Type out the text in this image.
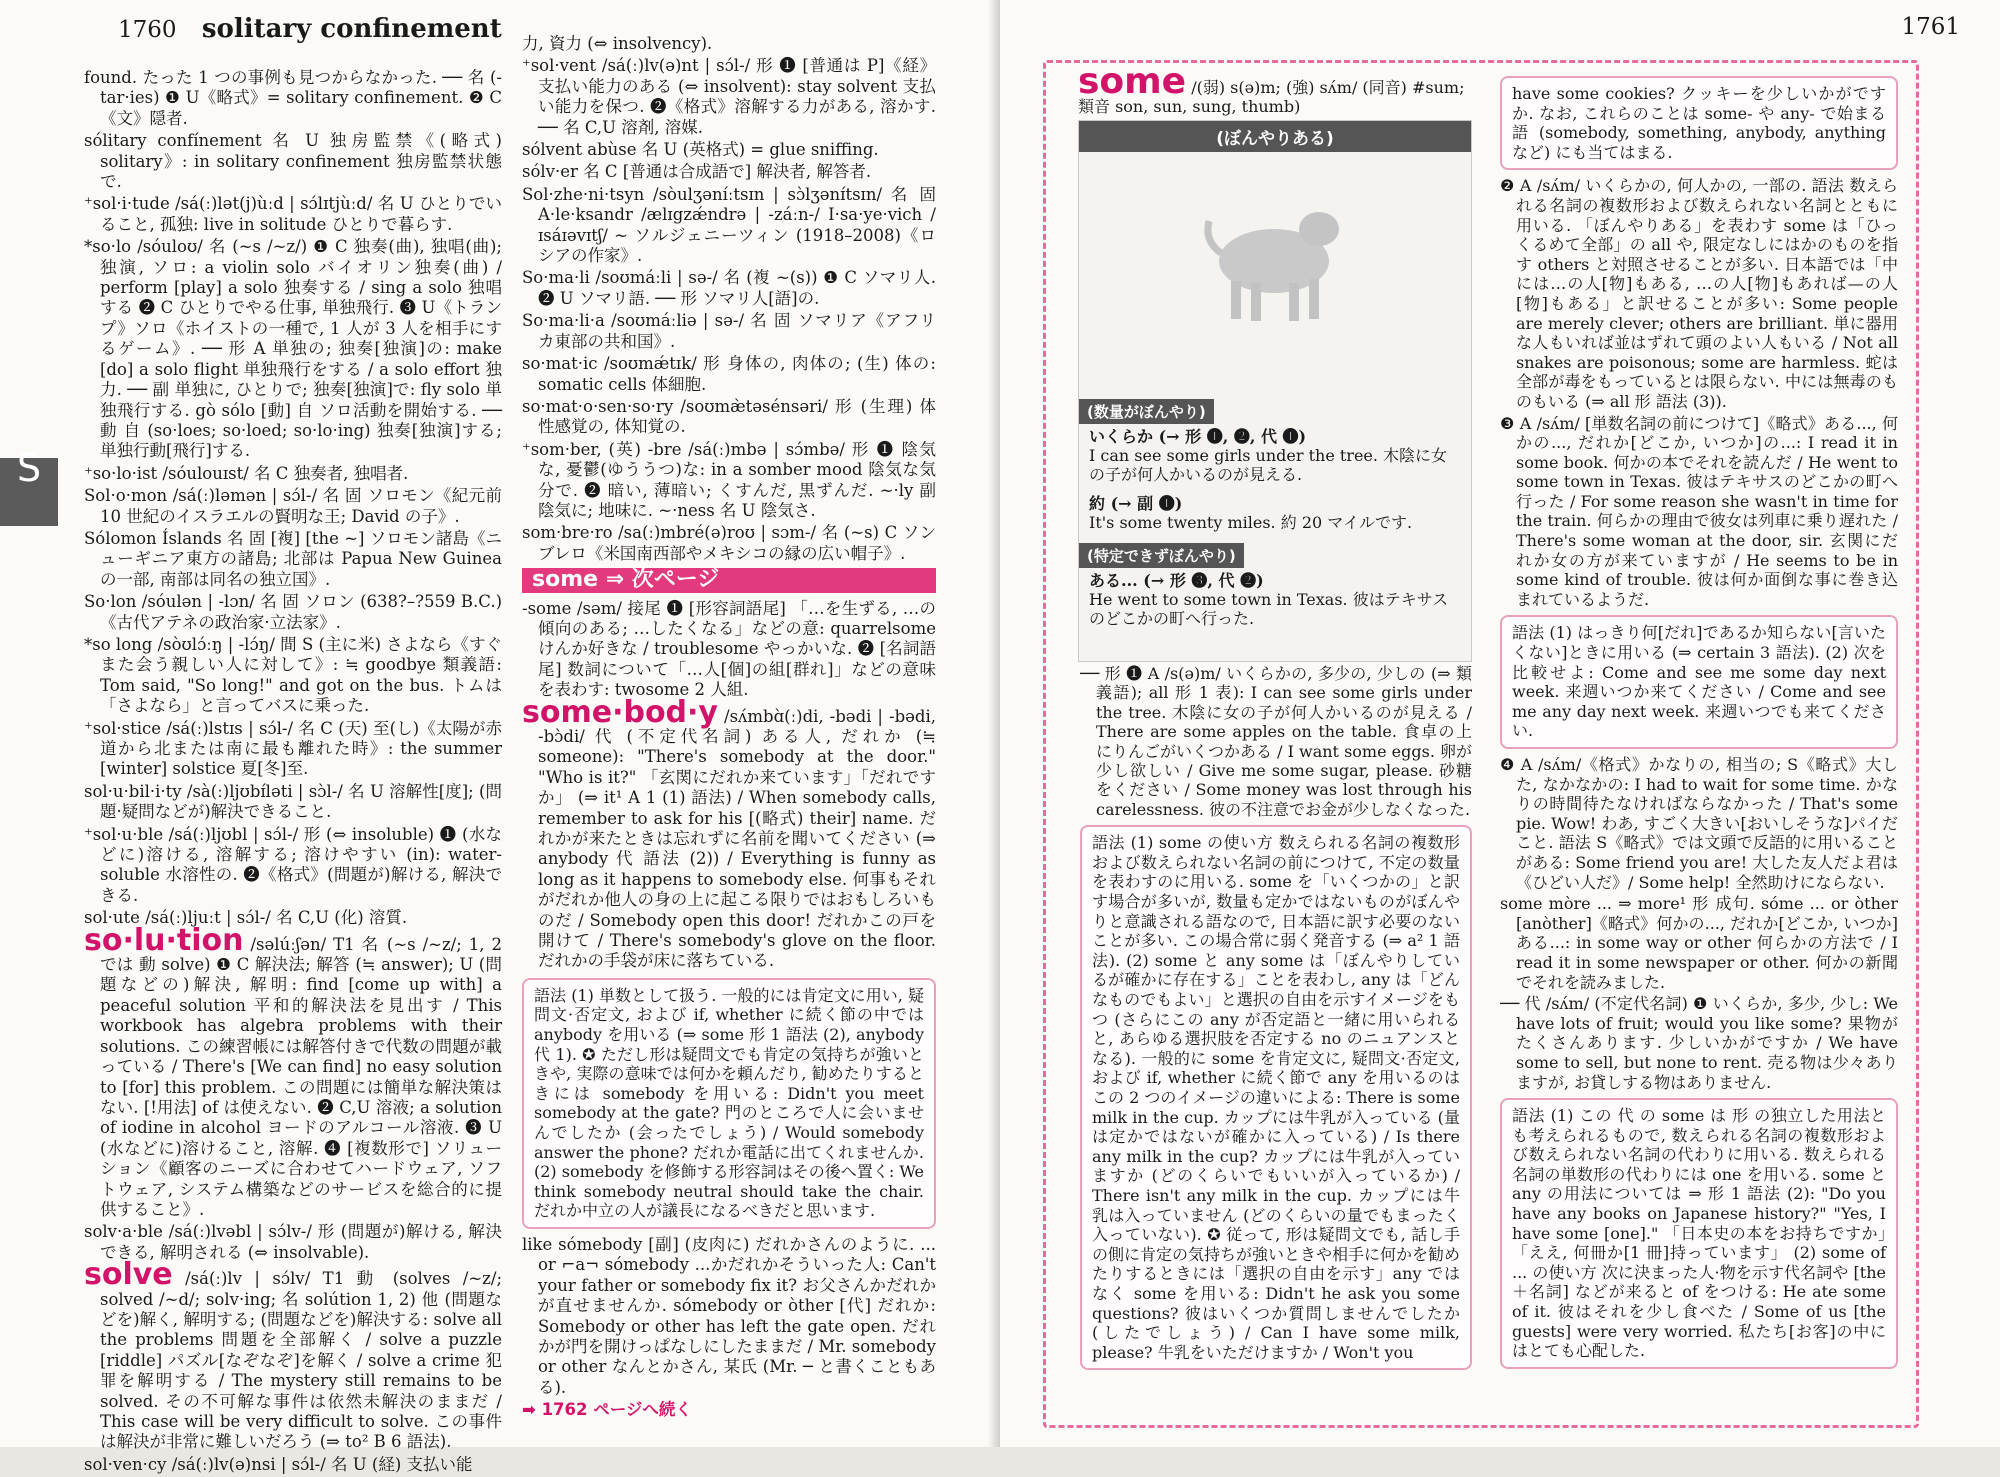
1760 solitary confinement
S
found. たった 1 つの事例も見つからなかった. ── 名 (-tar·ies) ❶ U《略式》= solitary confinement. ❷ C《文》隠者.
sólitary confínement 名 U 独房監禁《(略式) solitary》: in solitary confinement 独房監禁状態で.
⁺sol·i·tude /sá(ː)lət(j)ùːd | sɔ́lɪtjùːd/ 名 U ひとりでいること, 孤独: live in solitude ひとりで暮らす.
*so·lo /sóuloʊ/ 名 (~s /~z/) ❶ C 独奏(曲), 独唱(曲); 独演, ソロ: a violin solo バイオリン独奏(曲) / perform [play] a solo 独奏する / sing a solo 独唱する ❷ C ひとりでやる仕事, 単独飛行. ❸ U《トランプ》ソロ《ホイストの一種で, 1 人が 3 人を相手にするゲーム》. ── 形 A 単独の; 独奏[独演]の: make [do] a solo flight 単独飛行をする / a solo effort 独力. ── 副 単独に, ひとりで; 独奏[独演]で: fly solo 単独飛行する. gò sólo [動] 自 ソロ活動を開始する. ── 動 自 (so·loes; so·loed; so·lo·ing) 独奏[独演]する; 単独行動[飛行]する.
⁺so·lo·ist /sóulouɪst/ 名 C 独奏者, 独唱者.
Sol·o·mon /sá(ː)ləmən | sɔ́l-/ 名 固 ソロモン《紀元前 10 世紀のイスラエルの賢明な王; David の子》.
Sólomon Íslands 名 固 [複] [the ~] ソロモン諸島《ニューギニア東方の諸島; 北部は Papua New Guinea の一部, 南部は同名の独立国》.
So·lon /sóulən | -lɔn/ 名 固 ソロン (638?–?559 B.C.)《古代アテネの政治家·立法家》.
*so long /sòʊlɔ́ːŋ | -lɔ́ŋ/ 間 S (主に米) さよなら《すぐまた会う親しい人に対して》: ≒ goodbye 類義語: Tom said, "So long!" and got on the bus. トムは「さよなら」と言ってバスに乗った.
⁺sol·stice /sá(ː)lstɪs | sɔ́l-/ 名 C (天) 至(し)《太陽が赤道から北または南に最も離れた時》: the summer [winter] solstice 夏[冬]至.
sol·u·bil·i·ty /sà(ː)ljʊbɪ́ləti | sɔ̀l-/ 名 U 溶解性[度]; (問題·疑問などが)解決できること.
⁺sol·u·ble /sá(ː)ljʊbl | sɔ́l-/ 形 (⇔ insoluble) ❶ (水などに)溶ける, 溶解する; 溶けやすい (in): water-soluble 水溶性の. ❷《格式》(問題が)解ける, 解決できる.
sol·ute /sá(ː)ljuːt | sɔ́l-/ 名 C,U (化) 溶質.
so·lu·tion /səlúːʃən/ T1 名 (~s /~z/; 1, 2 では 動 solve) ❶ C 解決法; 解答 (≒ answer); U (問題などの)解決, 解明: find [come up with] a peaceful solution 平和的解決法を見出す / This workbook has algebra problems with their solutions. この練習帳には解答付きで代数の問題が載っている / There's [We can find] no easy solution to [for] this problem. この問題には簡単な解決策はない. [!用法] of は使えない. ❷ C,U 溶液; a solution of iodine in alcohol ヨードのアルコール溶液. ❸ U (水などに)溶けること, 溶解. ❹ [複数形で] ソリューション《顧客のニーズに合わせてハードウェア, ソフトウェア, システム構築などのサービスを総合的に提供すること》.
solv·a·ble /sá(ː)lvəbl | sɔ́lv-/ 形 (問題が)解ける, 解決できる, 解明される (⇔ insolvable).
solve /sá(ː)lv | sɔ́lv/ T1 動 (solves /~z/; solved /~d/; solv·ing; 名 solútion 1, 2) 他 (問題などを)解く, 解明する; (問題などを)解決する: solve all the problems 問題を全部解く / solve a puzzle [riddle] パズル[なぞなぞ]を解く / solve a crime 犯罪を解明する / The mystery still remains to be solved. その不可解な事件は依然未解決のままだ / This case will be very difficult to solve. この事件は解決が非常に難しいだろう (⇒ to² B 6 語法).
sol·ven·cy /sá(ː)lv(ə)nsi | sɔ́l-/ 名 U (経) 支払い能
力, 資力 (⇔ insolvency).
⁺sol·vent /sá(ː)lv(ə)nt | sɔ́l-/ 形 ❶ [普通は P]《経》支払い能力のある (⇔ insolvent): stay solvent 支払い能力を保つ. ❷《格式》溶解する力がある, 溶かす. ── 名 C,U 溶剤, 溶媒.
sólvent abùse 名 U (英格式) = glue sniffing.
sólv·er 名 C [普通は合成語で] 解決者, 解答者.
Sol·zhe·ni·tsyn /sòulʒəníːtsɪn | sɔ̀lʒənɪ́tsɪn/ 名 固 A·le·ksandr /ælɪgzǽndrə | -záːn-/ I·sa·ye·vich /ɪsáɪəvɪtʃ/ ~ ソルジェニーツィン (1918–2008)《ロシアの作家》.
So·ma·li /soʊmáːli | sə-/ 名 (複 ~(s)) ❶ C ソマリ人. ❷ U ソマリ語. ── 形 ソマリ人[語]の.
So·ma·li·a /soʊmáːliə | sə-/ 名 固 ソマリア《アフリカ東部の共和国》.
so·mat·ic /soʊmǽtɪk/ 形 身体の, 肉体の; (生) 体の: somatic cells 体細胞.
so·mat·o·sen·so·ry /soʊmæ̀təsénsəri/ 形 (生理) 体性感覚の, 体知覚の.
⁺som·ber, (英) -bre /sá(ː)mbə | sɔ́mbə/ 形 ❶ 陰気な, 憂鬱(ゆううつ)な: in a somber mood 陰気な気分で. ❷ 暗い, 薄暗い; くすんだ, 黒ずんだ. ~·ly 副 陰気に; 地味に. ~·ness 名 U 陰気さ.
som·bre·ro /sa(ː)mbré(ə)roʊ | sɔm-/ 名 (~s) C ソンブレロ《米国南西部やメキシコの縁の広い帽子》.
some ⇒ 次ページ
-some /səm/ 接尾 ❶ [形容詞語尾] 「…を生ずる, …の傾向のある; …したくなる」などの意: quarrelsome けんか好きな / troublesome やっかいな. ❷ [名詞語尾] 数詞について「…人[個]の組[群れ]」などの意味を表わす: twosome 2 人組.
some·bod·y /sʌ́mbɑ̀(ː)di, -bədi | -bədi, -bɔ̀di/ 代 (不定代名詞) ある人, だれか (≒ someone): "There's somebody at the door." "Who is it?" 「玄関にだれか来ています」「だれですか」 (⇒ it¹ A 1 (1) 語法) / When somebody calls, remember to ask for his [(略式) their] name. だれかが来たときは忘れずに名前を聞いてください (⇒ anybody 代 語法 (2)) / Everything is funny as long as it happens to somebody else. 何事もそれがだれか他人の身の上に起こる限りではおもしろいものだ / Somebody open this door! だれかこの戸を開けて / There's somebody's glove on the floor. だれかの手袋が床に落ちている.
語法 (1) 単数として扱う. 一般的には肯定文に用い, 疑問文·否定文, および if, whether に続く節の中では anybody を用いる (⇒ some 形 1 語法 (2), anybody 代 1). ✪ ただし形は疑問文でも肯定の気持ちが強いときや, 実際の意味では何かを頼んだり, 勧めたりするときには somebody を用いる: Didn't you meet somebody at the gate? 門のところで人に会いませんでしたか (会ったでしょう) / Would somebody answer the phone? だれか電話に出てくれませんか. (2) somebody を修飾する形容詞はその後へ置く: We think somebody neutral should take the chair. だれか中立の人が議長になるべきだと思います.
like sómebody [副] (皮肉に) だれかさんのように. ... or ⌐a¬ sómebody ...かだれかそういった人: Can't your father or somebody fix it? お父さんかだれかが直せませんか. sómebody or òther [代] だれか: Somebody or other has left the gate open. だれかが門を開けっぱなしにしたままだ / Mr. somebody or other なんとかさん, 某氏 (Mr. ─ と書くこともある).
➡ 1762 ページへ続く
1761
some /(弱) s(ə)m; (強) sʌ́m/ (同音) #sum; 類音 son, sun, sung, thumb)
(ぼんやりある)
(数量がぼんやり)
いくらか (→ 形 ❶, ❷, 代 ❶)
I can see some girls under the tree. 木陰に女の子が何人かいるのが見える.
約 (→ 副 ❶)
It's some twenty miles. 約 20 マイルです.
(特定できずぼんやり)
ある... (→ 形 ❸, 代 ❷)
He went to some town in Texas. 彼はテキサスのどこかの町へ行った.
── 形 ❶ A /s(ə)m/ いくらかの, 多少の, 少しの (⇒ 類義語); all 形 1 表): I can see some girls under the tree. 木陰に女の子が何人かいるのが見える / There are some apples on the table. 食卓の上にりんごがいくつかある / I want some eggs. 卵が少し欲しい / Give me some sugar, please. 砂糖をください / Some money was lost through his carelessness. 彼の不注意でお金が少しなくなった.
語法 (1) some の使い方 数えられる名詞の複数形および数えられない名詞の前につけて, 不定の数量を表わすのに用いる. some を「いくつかの」と訳す場合が多いが, 数量も定かではないものがぼんやりと意識される語なので, 日本語に訳す必要のないことが多い. この場合常に弱く発音する (⇒ a² 1 語法). (2) some と any some は「ぼんやりしているが確かに存在する」ことを表わし, any は「どんなものでもよい」と選択の自由を示すイメージをもつ (さらにこの any が否定語と一緒に用いられると, あらゆる選択肢を否定する no のニュアンスとなる). 一般的に some を肯定文に, 疑問文·否定文, および if, whether に続く節で any を用いるのはこの 2 つのイメージの違いによる: There is some milk in the cup. カップには牛乳が入っている (量は定かではないが確かに入っている) / Is there any milk in the cup? カップには牛乳が入っていますか (どのくらいでもいいが入っているか) / There isn't any milk in the cup. カップには牛乳は入っていません (どのくらいの量でもまったく入っていない). ✪ 従って, 形は疑問文でも, 話し手の側に肯定の気持ちが強いときや相手に何かを勧めたりするときには「選択の自由を示す」any ではなく some を用いる: Didn't he ask you some questions? 彼はいくつか質問しませんでしたか (したでしょう) / Can I have some milk, please? 牛乳をいただけますか / Won't you
have some cookies? クッキーを少しいかがですか. なお, これらのことは some- や any- で始まる語 (somebody, something, anybody, anything など) にも当てはまる.
❷ A /sʌ́m/ いくらかの, 何人かの, 一部の. 語法 数えられる名詞の複数形および数えられない名詞とともに用いる. 「ぼんやりある」を表わす some は「ひっくるめて全部」の all や, 限定なしにはかのものを指す others と対照させることが多い. 日本語では「中には…の人[物]もある, …の人[物]もあれば—の人[物]もある」と訳せることが多い: Some people are merely clever; others are brilliant. 単に器用な人もいれば並はずれて頭のよい人もいる / Not all snakes are poisonous; some are harmless. 蛇は全部が毒をもっているとは限らない. 中には無毒のものもいる (⇒ all 形 語法 (3)).
❸ A /sʌ́m/ [単数名詞の前につけて]《略式》ある..., 何かの..., だれか[どこか, いつか]の...: I read it in some book. 何かの本でそれを読んだ / He went to some town in Texas. 彼はテキサスのどこかの町へ行った / For some reason she wasn't in time for the train. 何らかの理由で彼女は列車に乗り遅れた / There's some woman at the door, sir. 玄関にだれか女の方が来ていますが / He seems to be in some kind of trouble. 彼は何か面倒な事に巻き込まれているようだ.
語法 (1) はっきり何[だれ]であるか知らない[言いたくない]ときに用いる (⇒ certain 3 語法). (2) 次を比較せよ: Come and see me some day next week. 来週いつか来てください / Come and see me any day next week. 来週いつでも来てください.
❹ A /sʌ́m/《格式》かなりの, 相当の; S《略式》大した, なかなかの: I had to wait for some time. かなりの時間待たなければならなかった / That's some pie. Wow! わあ, すごく大きい[おいしそうな]パイだこと. 語法 S《略式》では文頭で反語的に用いることがある: Some friend you are! 大した友人だよ君は《ひどい人だ》/ Some help! 全然助けにならない.
some mòre ... ⇒ more¹ 形 成句. sóme ... or òther [anòther]《略式》何かの..., だれか[どこか, いつか]ある...: in some way or other 何らかの方法で / I read it in some newspaper or other. 何かの新聞でそれを読みました.
── 代 /sʌ́m/ (不定代名詞) ❶ いくらか, 多少, 少し: We have lots of fruit; would you like some? 果物がたくさんあります. 少しいかがですか / We have some to sell, but none to rent. 売る物は少々ありますが, お貸しする物はありません.
語法 (1) この 代 の some は 形 の独立した用法とも考えられるもので, 数えられる名詞の複数形および数えられない名詞の代わりに用いる. 数えられる名詞の単数形の代わりには one を用いる. some と any の用法については ⇒ 形 1 語法 (2): "Do you have any books on Japanese history?" "Yes, I have some [one]." 「日本史の本をお持ちですか」「ええ, 何冊か[1 冊]持っています」 (2) some of ... の使い方 次に決まった人·物を示す代名詞や [the＋名詞] などが来ると of をつける: He ate some of it. 彼はそれを少し食べた / Some of us [the guests] were very worried. 私たち[お客]の中にはとても心配した.
